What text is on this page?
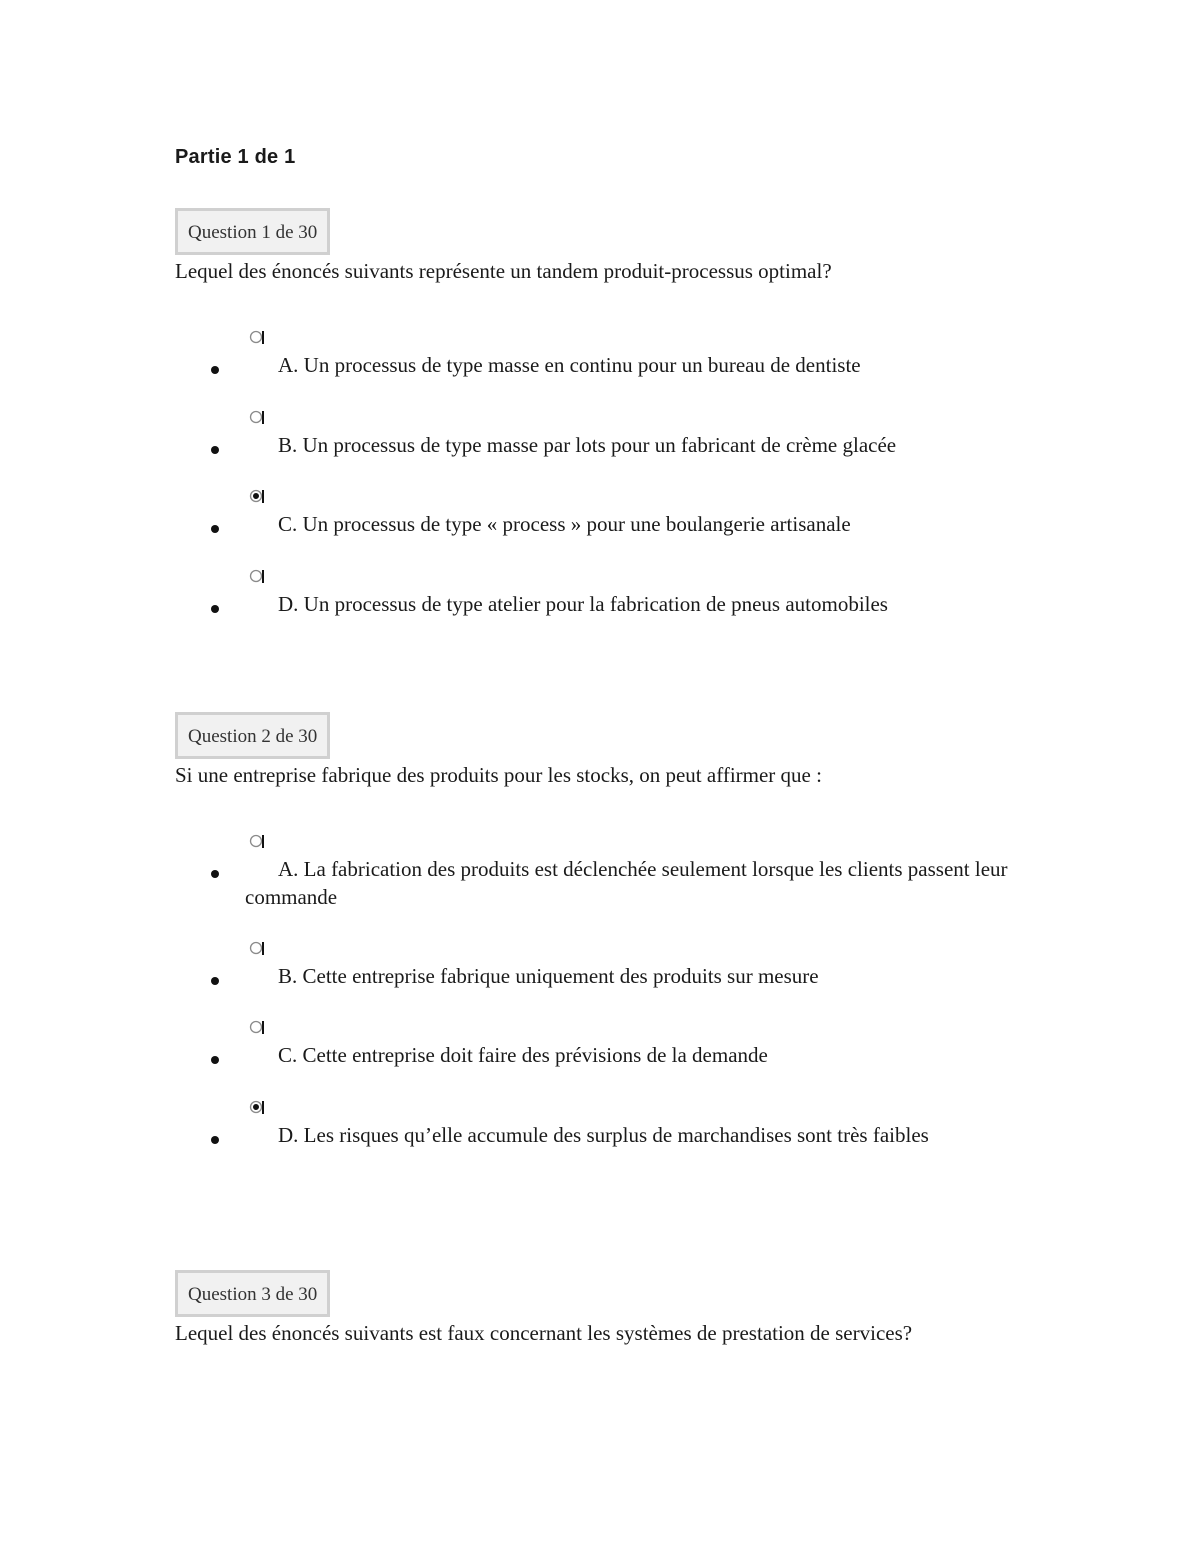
Partie 1 de 1
Question 1 de 30
Lequel des énoncés suivants représente un tandem produit-processus optimal?
A. Un processus de type masse en continu pour un bureau de dentiste
B. Un processus de type masse par lots pour un fabricant de crème glacée
C. Un processus de type « process » pour une boulangerie artisanale
D. Un processus de type atelier pour la fabrication de pneus automobiles
Question 2 de 30
Si une entreprise fabrique des produits pour les stocks, on peut affirmer que :
A. La fabrication des produits est déclenchée seulement lorsque les clients passent leur commande
B. Cette entreprise fabrique uniquement des produits sur mesure
C. Cette entreprise doit faire des prévisions de la demande
D. Les risques qu’elle accumule des surplus de marchandises sont très faibles
Question 3 de 30
Lequel des énoncés suivants est faux concernant les systèmes de prestation de services?
